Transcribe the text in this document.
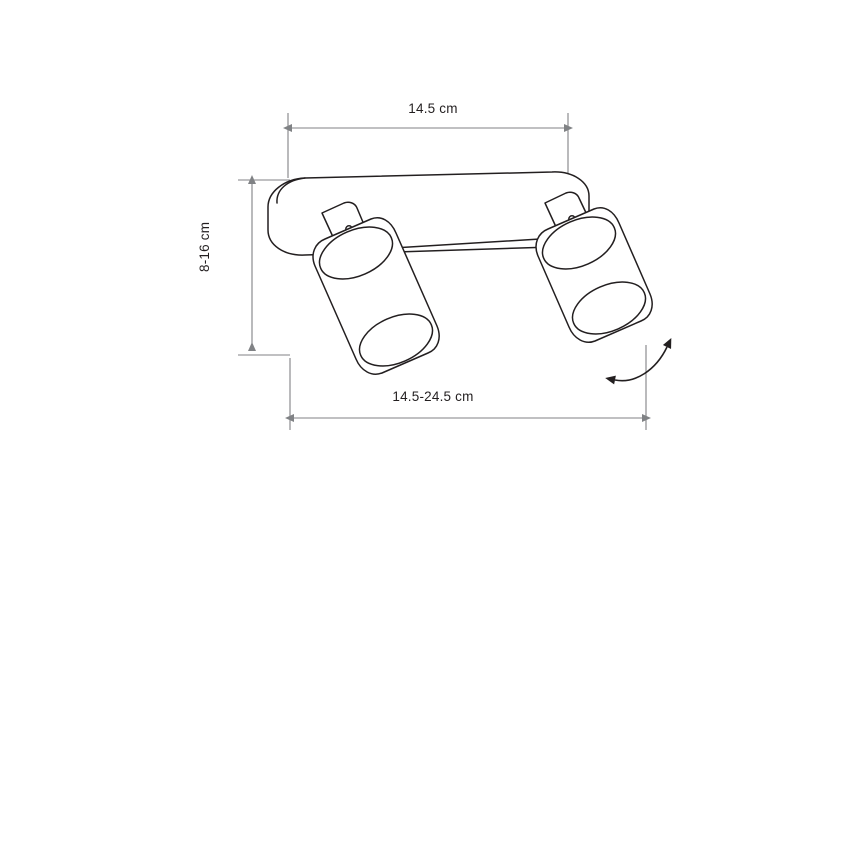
14.5 cm
14.5-24.5 cm
8-16 cm
